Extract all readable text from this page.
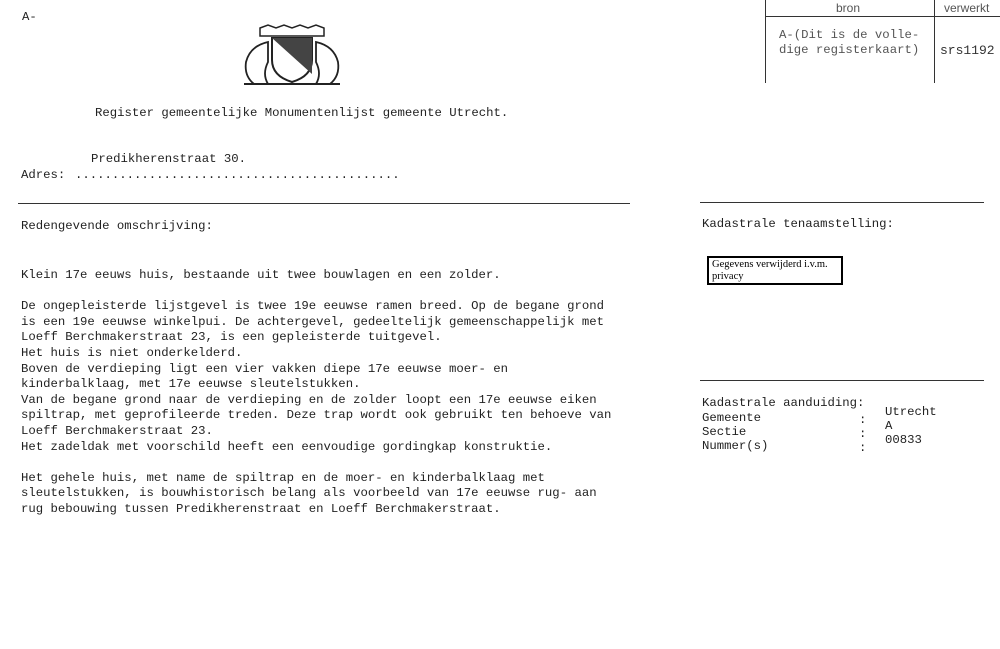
A-
bron	verwerkt
A-(Dit is de volle-
dige registerkaart) srs1192
Register gemeentelijke Monumentenlijst gemeente Utrecht.
Predikherenstraat 30.
Adres: ............................................
Redengevende omschrijving:

Klein 17e eeuws huis, bestaande uit twee bouwlagen en een zolder.

De ongepleisterde lijstgevel is twee 19e eeuwse ramen breed. Op de begane grond

is een 19e eeuwse winkelpui. De achtergevel, gedeeltelijk gemeenschappelijk met

Loeff Berchmakerstraat 23, is een gepleisterde tuitgevel.

Het huis is niet onderkelderd.

Boven de verdieping ligt een vier vakken diepe 17e eeuwse moer- en

kinderbalklaag, met 17e eeuwse sleutelstukken.

Van de begane grond naar de verdieping en de zolder loopt een 17e eeuwse eiken

spiltrap, met geprofileerde treden. Deze trap wordt ook gebruikt ten behoeve van

Loeff Berchmakerstraat 23.

Het zadeldak met voorschild heeft een eenvoudige gordingkap konstruktie.

Het gehele huis, met name de spiltrap en de moer- en kinderbalklaag met

sleutelstukken, is bouwhistorisch belang als voorbeeld van 17e eeuwse rug- aan

rug bebouwing tussen Predikherenstraat en Loeff Berchmakerstraat.

Kadastrale tenaamstelling:
Gegevens verwijderd i.v.m. privacy
Kadastrale aanduiding:
Gemeente
Sectie
Nummer(s)
:
:
:
Utrecht
A
00833
